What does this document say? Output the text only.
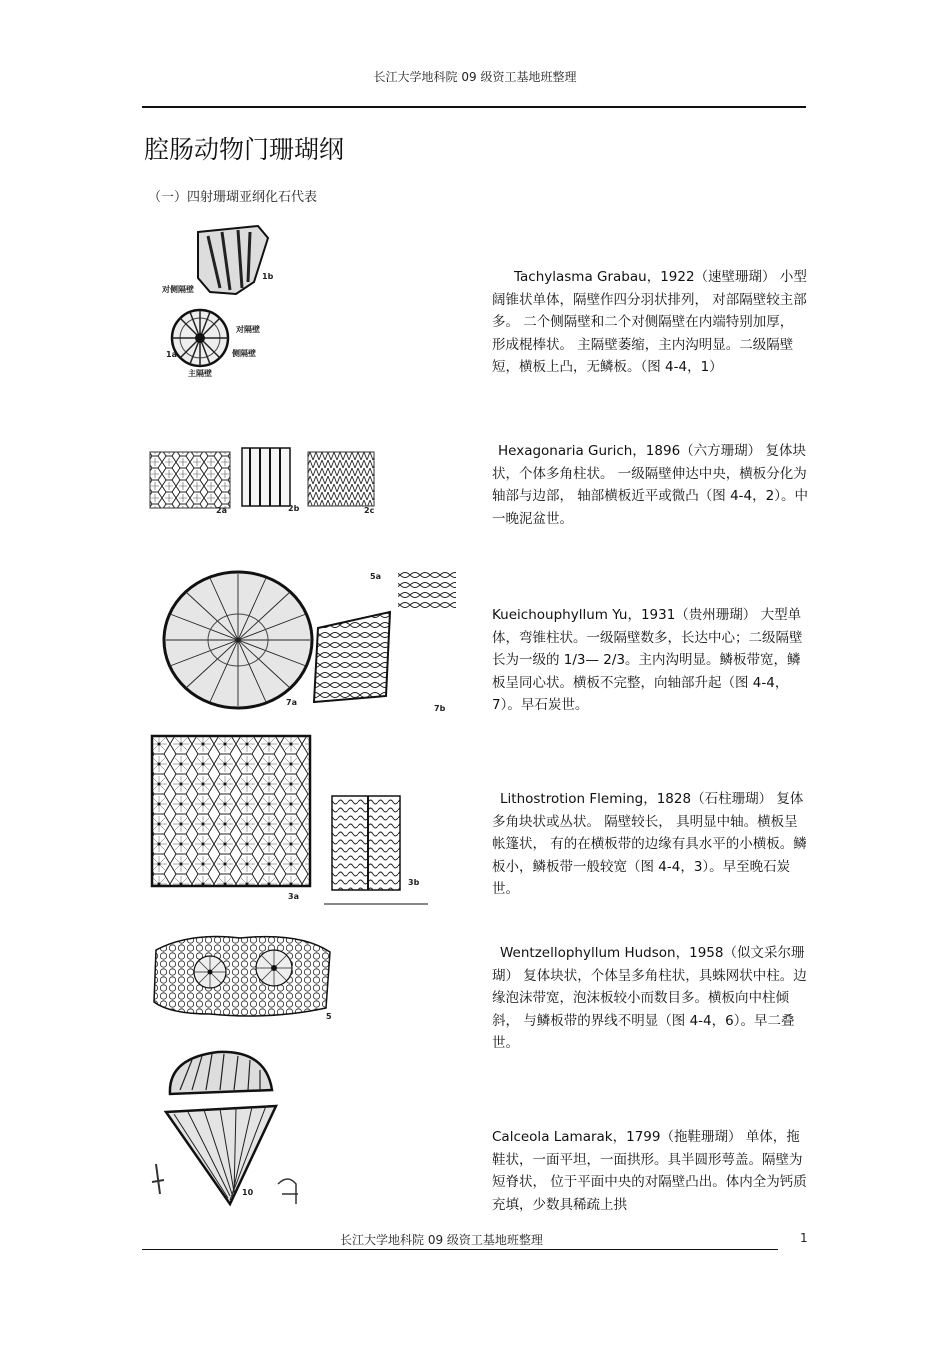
长江大学地科院 09 级资工基地班整理
腔肠动物门珊瑚纲
（一）四射珊瑚亚纲化石代表
1b
对侧隔壁
对隔壁
1a	侧隔壁
主隔壁
2a	2b	2c
5a
7a
7b
3a
3b
5
10
Tachylasma Grabau，1922（速壁珊瑚） 小型阔锥状单体，隔壁作四分羽状排列， 对部隔壁较主部多。 二个侧隔壁和二个对侧隔壁在内端特别加厚， 形成棍棒状。 主隔壁萎缩，主内沟明显。二级隔壁短，横板上凸，无鳞板。（图 4-4，1）
Hexagonaria Gurich，1896（六方珊瑚） 复体块状，个体多角柱状。 一级隔壁伸达中央，横板分化为轴部与边部， 轴部横板近平或微凸（图 4-4，2）。中一晚泥盆世。
Kueichouphyllum Yu，1931（贵州珊瑚） 大型单体，弯锥柱状。一级隔壁数多，长达中心；二级隔壁长为一级的 1/3— 2/3。主内沟明显。鳞板带宽，鳞板呈同心状。横板不完整，向轴部升起（图 4-4，7）。早石炭世。
Lithostrotion Fleming，1828（石柱珊瑚） 复体多角块状或丛状。 隔壁较长， 具明显中轴。横板呈帐篷状， 有的在横板带的边缘有具水平的小横板。鳞板小，鳞板带一般较宽（图 4-4，3）。早至晚石炭世。
Wentzellophyllum Hudson，1958（似文采尔珊瑚） 复体块状，个体呈多角柱状，具蛛网状中柱。边缘泡沫带宽，泡沫板较小而数目多。横板向中柱倾斜， 与鳞板带的界线不明显（图 4-4，6）。早二叠世。
Calceola Lamarak，1799（拖鞋珊瑚） 单体，拖鞋状，一面平坦，一面拱形。具半圆形萼盖。隔壁为短脊状， 位于平面中央的对隔壁凸出。体内全为钙质充填，少数具稀疏上拱
长江大学地科院 09 级资工基地班整理	1
